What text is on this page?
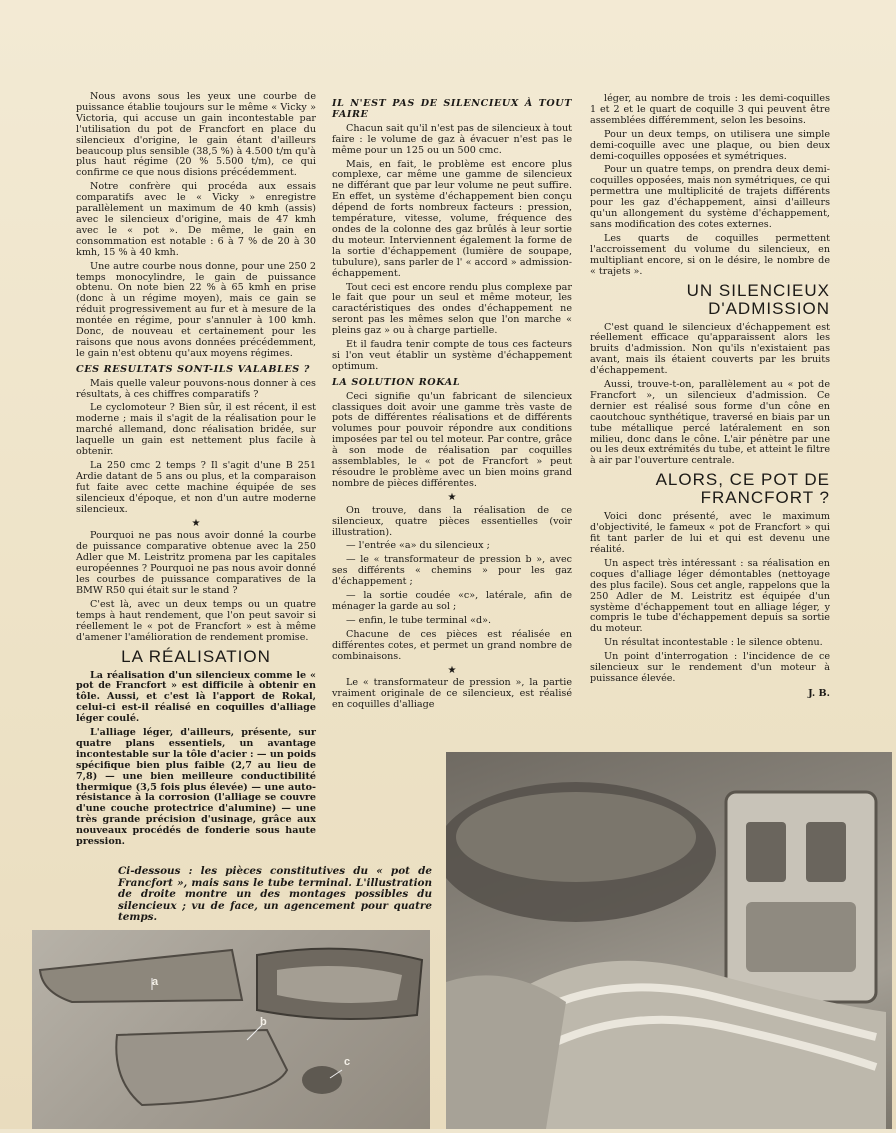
Nous avons sous les yeux une courbe de puissance établie toujours sur le même « Vicky » Victoria, qui accuse un gain incontestable par l'utilisation du pot de Francfort en place du silencieux d'origine, le gain étant d'ailleurs beaucoup plus sensible (38,5 %) à 4.500 t/m qu'à plus haut régime (20 % 5.500 t/m), ce qui confirme ce que nous disions précédemment.

Notre confrère qui procéda aux essais comparatifs avec le « Vicky » enregistre parallèlement un maximum de 40 kmh (assis) avec le silencieux d'origine, mais de 47 kmh avec le « pot ». De même, le gain en consommation est notable : 6 à 7 % de 20 à 30 kmh, 15 % à 40 kmh.

Une autre courbe nous donne, pour une 250 2 temps monocylindre, le gain de puissance obtenu. On note bien 22 % à 65 kmh en prise (donc à un régime moyen), mais ce gain se réduit progressivement au fur et à mesure de la montée en régime, pour s'annuler à 100 kmh. Donc, de nouveau et certainement pour les raisons que nous avons données précédemment, le gain n'est obtenu qu'aux moyens régimes.

CES RESULTATS SONT-ILS VALABLES ?

Mais quelle valeur pouvons-nous donner à ces résultats, à ces chiffres comparatifs ?

Le cyclomoteur ? Bien sûr, il est récent, il est moderne ; mais il s'agit de la réalisation pour le marché allemand, donc réalisation bridée, sur laquelle un gain est nettement plus facile à obtenir.

La 250 cmc 2 temps ? Il s'agit d'une B 251 Ardie datant de 5 ans ou plus, et la comparaison fut faite avec cette machine équipée de ses silencieux d'époque, et non d'un autre moderne silencieux.

★

Pourquoi ne pas nous avoir donné la courbe de puissance comparative obtenue avec la 250 Adler que M. Leistritz promena par les capitales européennes ? Pourquoi ne pas nous avoir donné les courbes de puissance comparatives de la BMW R50 qui était sur le stand ?

C'est là, avec un deux temps ou un quatre temps à haut rendement, que l'on peut savoir si réellement le « pot de Francfort » est à même d'amener l'amélioration de rendement promise.

LA RÉALISATION

La réalisation d'un silencieux comme le « pot de Francfort » est difficile à obtenir en tôle. Aussi, et c'est là l'apport de Rokal, celui-ci est-il réalisé en coquilles d'alliage léger coulé.

L'alliage léger, d'ailleurs, présente, sur quatre plans essentiels, un avantage incontestable sur la tôle d'acier : — un poids spécifique bien plus faible (2,7 au lieu de 7,8) — une bien meilleure conductibilité thermique (3,5 fois plus élevée) — une auto-résistance à la corrosion (l'alliage se couvre d'une couche protectrice d'alumine) — une très grande précision d'usinage, grâce aux nouveaux procédés de fonderie sous haute pression.

IL N'EST PAS DE SILENCIEUX À TOUT FAIRE

Chacun sait qu'il n'est pas de silencieux à tout faire : le volume de gaz à évacuer n'est pas le même pour un 125 ou un 500 cmc.

Mais, en fait, le problème est encore plus complexe, car même une gamme de silencieux ne différant que par leur volume ne peut suffire. En effet, un système d'échappement bien conçu dépend de forts nombreux facteurs : pression, température, vitesse, volume, fréquence des ondes de la colonne des gaz brûlés à leur sortie du moteur. Interviennent également la forme de la sortie d'échappement (lumière de soupape, tubulure), sans parler de l' « accord » admission-échappement.

Tout ceci est encore rendu plus complexe par le fait que pour un seul et même moteur, les caractéristiques des ondes d'échappement ne seront pas les mêmes selon que l'on marche « pleins gaz » ou à charge partielle.

Et il faudra tenir compte de tous ces facteurs si l'on veut établir un système d'échappement optimum.

LA SOLUTION ROKAL

Ceci signifie qu'un fabricant de silencieux classiques doit avoir une gamme très vaste de pots de différentes réalisations et de différents volumes pour pouvoir répondre aux conditions imposées par tel ou tel moteur. Par contre, grâce à son mode de réalisation par coquilles assemblables, le « pot de Francfort » peut résoudre le problème avec un bien moins grand nombre de pièces différentes.

★

On trouve, dans la réalisation de ce silencieux, quatre pièces essentielles (voir illustration).

— l'entrée «a» du silencieux ;

— le « transformateur de pression b », avec ses différents « chemins » pour les gaz d'échappement ;

— la sortie coudée «c», latérale, afin de ménager la garde au sol ;

— enfin, le tube terminal «d».

Chacune de ces pièces est réalisée en différentes cotes, et permet un grand nombre de combinaisons.

★

Le « transformateur de pression », la partie vraiment originale de ce silencieux, est réalisé en coquilles d'alliage

léger, au nombre de trois : les demi-coquilles 1 et 2 et le quart de coquille 3 qui peuvent être assemblées différemment, selon les besoins.

Pour un deux temps, on utilisera une simple demi-coquille avec une plaque, ou bien deux demi-coquilles opposées et symétriques.

Pour un quatre temps, on prendra deux demi-coquilles opposées, mais non symétriques, ce qui permettra une multiplicité de trajets différents pour les gaz d'échappement, ainsi d'ailleurs qu'un allongement du système d'échappement, sans modification des cotes externes.

Les quarts de coquilles permettent l'accroissement du volume du silencieux, en multipliant encore, si on le désire, le nombre de « trajets ».

UN SILENCIEUX D'ADMISSION

C'est quand le silencieux d'échappement est réellement efficace qu'apparaissent alors les bruits d'admission. Non qu'ils n'existaient pas avant, mais ils étaient couverts par les bruits d'échappement.

Aussi, trouve-t-on, parallèlement au « pot de Francfort », un silencieux d'admission. Ce dernier est réalisé sous forme d'un cône en caoutchouc synthétique, traversé en biais par un tube métallique percé latéralement en son milieu, donc dans le cône. L'air pénètre par une ou les deux extrémités du tube, et atteint le filtre à air par l'ouverture centrale.

ALORS, CE POT DE FRANCFORT ?

Voici donc présenté, avec le maximum d'objectivité, le fameux « pot de Francfort » qui fit tant parler de lui et qui est devenu une réalité.

Un aspect très intéressant : sa réalisation en coques d'alliage léger démontables (nettoyage des plus facile). Sous cet angle, rappelons que la 250 Adler de M. Leistritz est équipée d'un système d'échappement tout en alliage léger, y compris le tube d'échappement depuis sa sortie du moteur.

Un résultat incontestable : le silence obtenu.

Un point d'interrogation : l'incidence de ce silencieux sur le rendement d'un moteur à puissance élevée.

J. B.
Ci-dessous : les pièces constitutives du « pot de Francfort », mais sans le tube terminal. L'illustration de droite montre un des montages possibles du silencieux ; vu de face, un agencement pour quatre temps.
a
b
c
